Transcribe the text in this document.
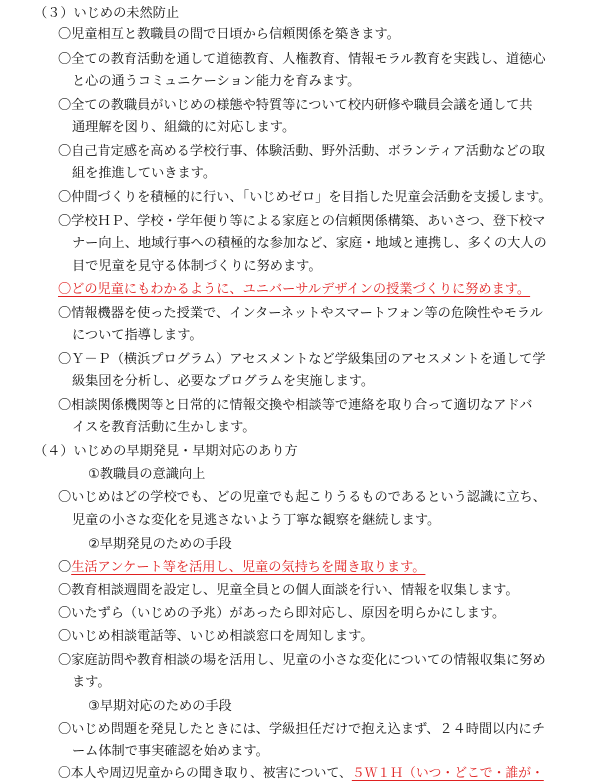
（３）いじめの未然防止
〇児童相互と教職員の間で日頃から信頼関係を築きます。
〇全ての教育活動を通して道徳教育、人権教育、情報モラル教育を実践し、道徳心
と心の通うコミュニケーション能力を育みます。
〇全ての教職員がいじめの様態や特質等について校内研修や職員会議を通して共
通理解を図り、組織的に対応します。
〇自己肯定感を高める学校行事、体験活動、野外活動、ボランティア活動などの取
組を推進していきます。
〇仲間づくりを積極的に行い、「いじめゼロ」を目指した児童会活動を支援します。
〇学校ＨＰ、学校・学年便り等による家庭との信頼関係構築、あいさつ、登下校マ
ナー向上、地域行事への積極的な参加など、家庭・地域と連携し、多くの大人の
目で児童を見守る体制づくりに努めます。
〇どの児童にもわかるように、ユニバーサルデザインの授業づくりに努めます。
〇情報機器を使った授業で、インターネットやスマートフォン等の危険性やモラル
について指導します。
〇Ｙ－Ｐ（横浜プログラム）アセスメントなど学級集団のアセスメントを通して学
級集団を分析し、必要なプログラムを実施します。
〇相談関係機関等と日常的に情報交換や相談等で連絡を取り合って適切なアドバ
イスを教育活動に生かします。
（４）いじめの早期発見・早期対応のあり方
①教職員の意識向上
〇いじめはどの学校でも、どの児童でも起こりうるものであるという認識に立ち、
児童の小さな変化を見逃さないよう丁寧な観察を継続します。
②早期発見のための手段
〇生活アンケート等を活用し、児童の気持ちを聞き取ります。
〇教育相談週間を設定し、児童全員との個人面談を行い、情報を収集します。
〇いたずら（いじめの予兆）があったら即対応し、原因を明らかにします。
〇いじめ相談電話等、いじめ相談窓口を周知します。
〇家庭訪問や教育相談の場を活用し、児童の小さな変化についての情報収集に努め
ます。
③早期対応のための手段
〇いじめ問題を発見したときには、学級担任だけで抱え込まず、２４時間以内にチ
ーム体制で事実確認を始めます。
〇本人や周辺児童からの聞き取り、被害について、５Ｗ１Ｈ（いつ・どこで・誰が・
